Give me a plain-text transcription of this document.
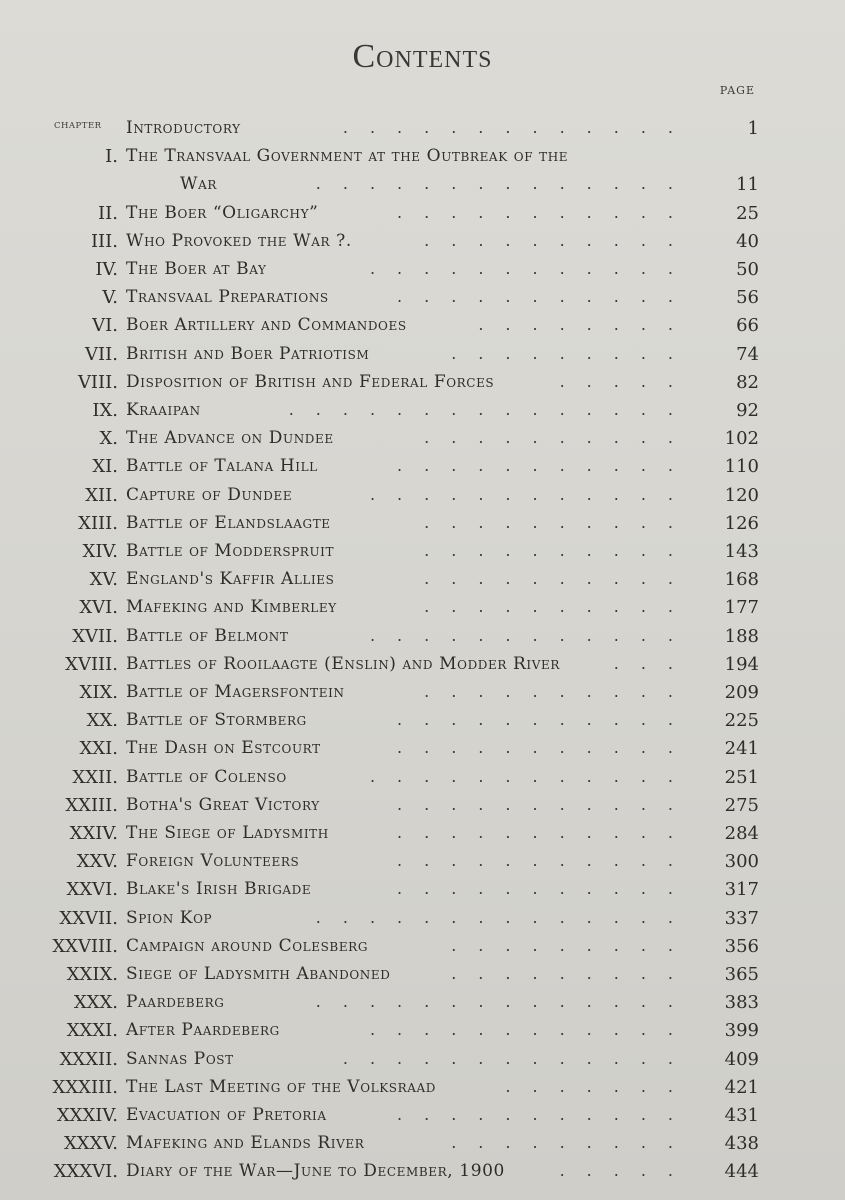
Contents
PAGE
CHAPTER Introductory	1
.............
I. The Transvaal Government at the Outbreak of the
War	11
..............
II. The Boer “Oligarchy”	25
...........
III. Who Provoked the War ?.	40
..........
IV. The Boer at Bay	50
............
V. Transvaal Preparations	56
...........
VI. Boer Artillery and Commandoes	66
........
VII. British and Boer Patriotism	74
.........
VIII. Disposition of British and Federal Forces	82
.....
IX. Kraaipan	92
...............
X. The Advance on Dundee	102
..........
XI. Battle of Talana Hill	110
...........
XII. Capture of Dundee	120
............
XIII. Battle of Elandslaagte	126
..........
XIV. Battle of Modderspruit	143
..........
XV. England's Kaffir Allies	168
..........
XVI. Mafeking and Kimberley	177
..........
XVII. Battle of Belmont	188
............
XVIII. Battles of Rooilaagte (Enslin) and Modder River	194
...
XIX. Battle of Magersfontein	209
..........
XX. Battle of Stormberg	225
...........
XXI. The Dash on Estcourt	241
...........
XXII. Battle of Colenso	251
............
XXIII. Botha's Great Victory	275
...........
XXIV. The Siege of Ladysmith	284
...........
XXV. Foreign Volunteers	300
...........
XXVI. Blake's Irish Brigade	317
...........
XXVII. Spion Kop	337
..............
XXVIII. Campaign around Colesberg	356
.........
XXIX. Siege of Ladysmith Abandoned	365
.........
XXX. Paardeberg	383
..............
XXXI. After Paardeberg	399
............
XXXII. Sannas Post	409
.............
XXXIII. The Last Meeting of the Volksraad	421
.......
XXXIV. Evacuation of Pretoria	431
...........
XXXV. Mafeking and Elands River	438
.........
XXXVI. Diary of the War—June to December, 1900	444
.....
